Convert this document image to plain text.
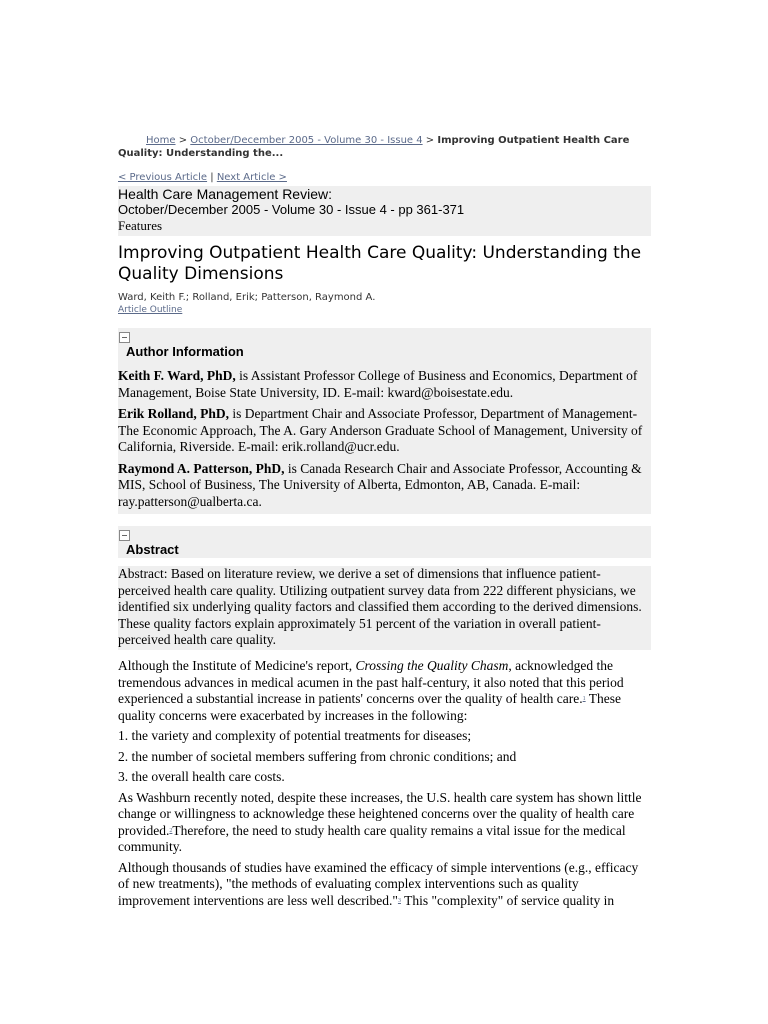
Home > October/December 2005 - Volume 30 - Issue 4 > Improving Outpatient Health Care Quality: Understanding the...
< Previous Article | Next Article >
Health Care Management Review:
October/December 2005 - Volume 30 - Issue 4 - pp 361-371
Features
Improving Outpatient Health Care Quality: Understanding the Quality Dimensions
Ward, Keith F.; Rolland, Erik; Patterson, Raymond A.
Article Outline
Author Information

Keith F. Ward, PhD, is Assistant Professor College of Business and Economics, Department of Management, Boise State University, ID. E-mail: kward@boisestate.edu.

Erik Rolland, PhD, is Department Chair and Associate Professor, Department of Management-The Economic Approach, The A. Gary Anderson Graduate School of Management, University of California, Riverside. E-mail: erik.rolland@ucr.edu.

Raymond A. Patterson, PhD, is Canada Research Chair and Associate Professor, Accounting & MIS, School of Business, The University of Alberta, Edmonton, AB, Canada. E-mail: ray.patterson@ualberta.ca.

Abstract

Abstract: Based on literature review, we derive a set of dimensions that influence patient-perceived health care quality. Utilizing outpatient survey data from 222 different physicians, we identified six underlying quality factors and classified them according to the derived dimensions. These quality factors explain approximately 51 percent of the variation in overall patient-perceived health care quality.

Although the Institute of Medicine's report, Crossing the Quality Chasm, acknowledged the tremendous advances in medical acumen in the past half-century, it also noted that this period experienced a substantial increase in patients' concerns over the quality of health care.$^1$ These quality concerns were exacerbated by increases in the following:

1. the variety and complexity of potential treatments for diseases;

2. the number of societal members suffering from chronic conditions; and

3. the overall health care costs.

As Washburn recently noted, despite these increases, the U.S. health care system has shown little change or willingness to acknowledge these heightened concerns over the quality of health care provided.$^2$Therefore, the need to study health care quality remains a vital issue for the medical community.

Although thousands of studies have examined the efficacy of simple interventions (e.g., efficacy of new treatments), "the methods of evaluating complex interventions such as quality improvement interventions are less well described."$^3$ This "complexity" of service quality in
